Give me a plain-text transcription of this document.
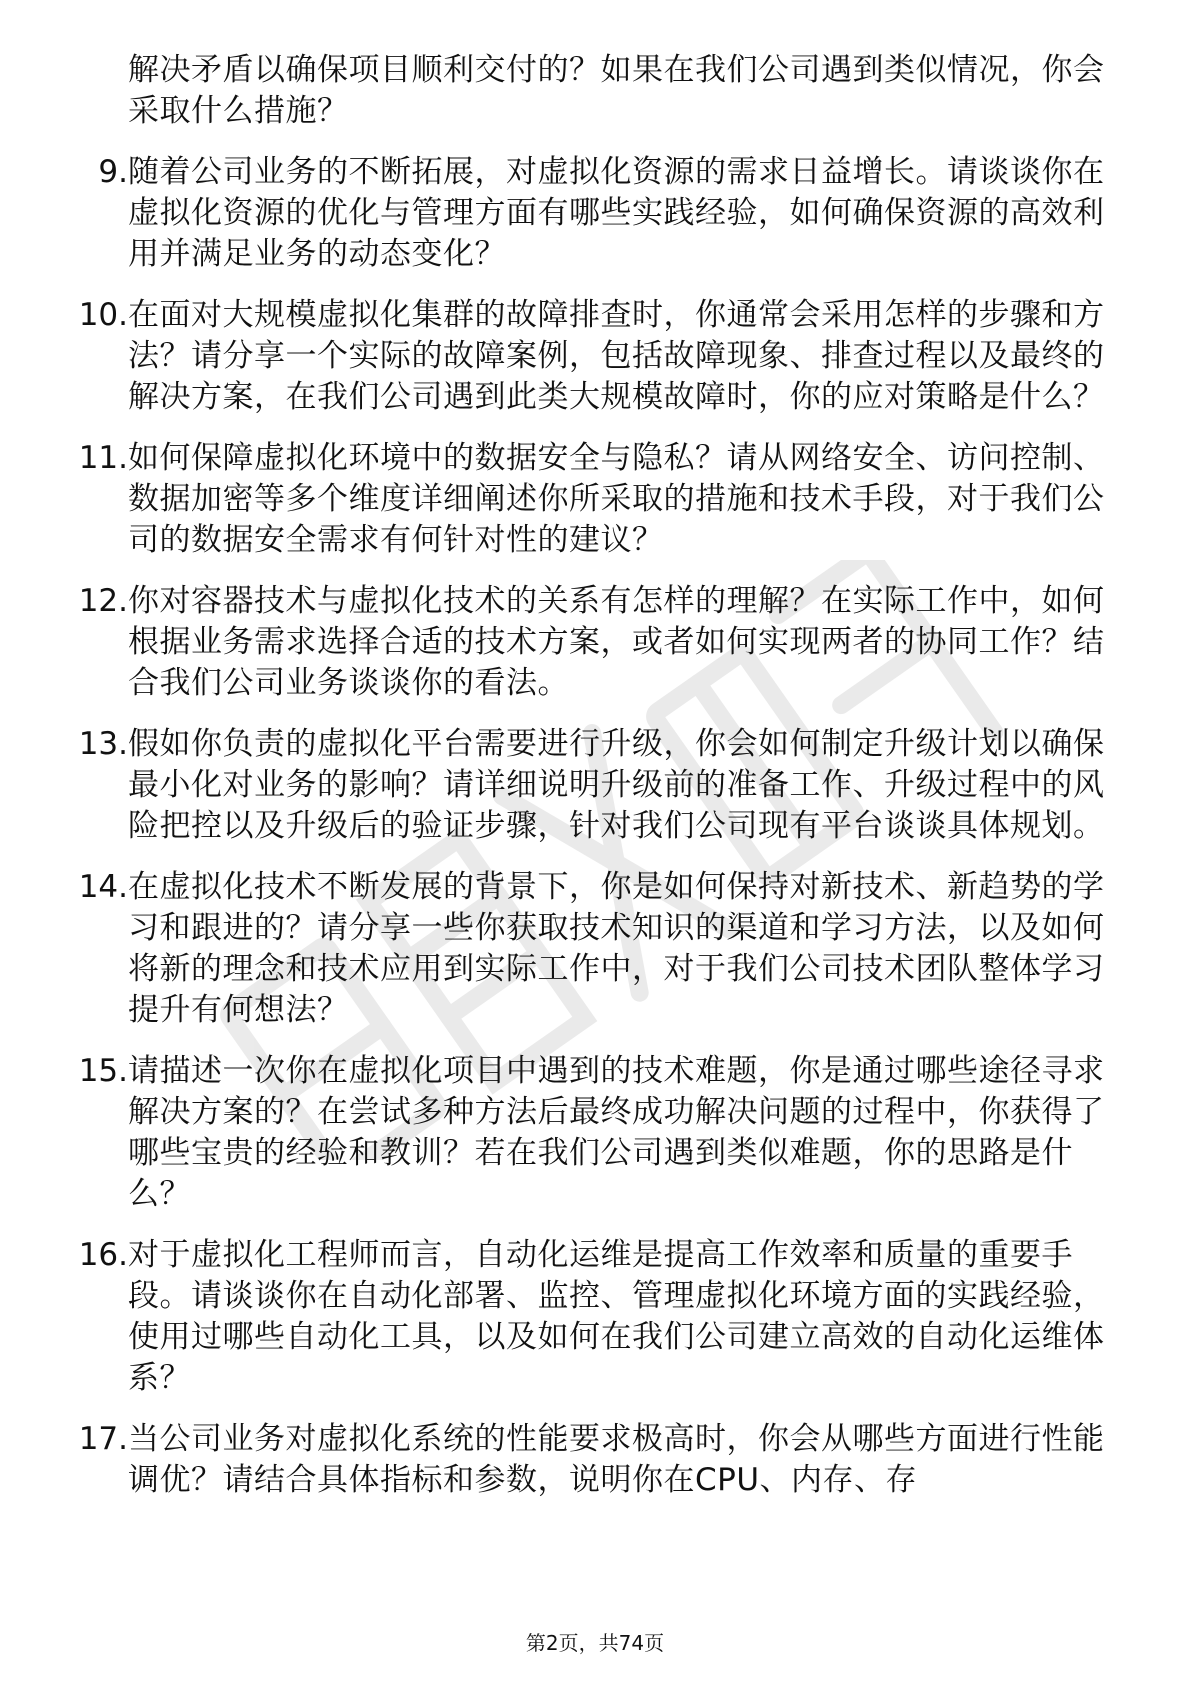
解决矛盾以确保项目顺利交付的？如果在我们公司遇到类似情况，你会采取什么措施？
9. 随着公司业务的不断拓展，对虚拟化资源的需求日益增长。请谈谈你在虚拟化资源的优化与管理方面有哪些实践经验，如何确保资源的高效利用并满足业务的动态变化？
10. 在面对大规模虚拟化集群的故障排查时，你通常会采用怎样的步骤和方法？请分享一个实际的故障案例，包括故障现象、排查过程以及最终的解决方案，在我们公司遇到此类大规模故障时，你的应对策略是什么？
11. 如何保障虚拟化环境中的数据安全与隐私？请从网络安全、访问控制、数据加密等多个维度详细阐述你所采取的措施和技术手段，对于我们公司的数据安全需求有何针对性的建议？
12. 你对容器技术与虚拟化技术的关系有怎样的理解？在实际工作中，如何根据业务需求选择合适的技术方案，或者如何实现两者的协同工作？结合我们公司业务谈谈你的看法。
13. 假如你负责的虚拟化平台需要进行升级，你会如何制定升级计划以确保最小化对业务的影响？请详细说明升级前的准备工作、升级过程中的风险把控以及升级后的验证步骤，针对我们公司现有平台谈谈具体规划。
14. 在虚拟化技术不断发展的背景下，你是如何保持对新技术、新趋势的学习和跟进的？请分享一些你获取技术知识的渠道和学习方法，以及如何将新的理念和技术应用到实际工作中，对于我们公司技术团队整体学习提升有何想法？
15. 请描述一次你在虚拟化项目中遇到的技术难题，你是通过哪些途径寻求解决方案的？在尝试多种方法后最终成功解决问题的过程中，你获得了哪些宝贵的经验和教训？若在我们公司遇到类似难题，你的思路是什么？
16. 对于虚拟化工程师而言，自动化运维是提高工作效率和质量的重要手段。请谈谈你在自动化部署、监控、管理虚拟化环境方面的实践经验，使用过哪些自动化工具，以及如何在我们公司建立高效的自动化运维体系？
17. 当公司业务对虚拟化系统的性能要求极高时，你会从哪些方面进行性能调优？请结合具体指标和参数，说明你在CPU、内存、存
第2页，共74页
